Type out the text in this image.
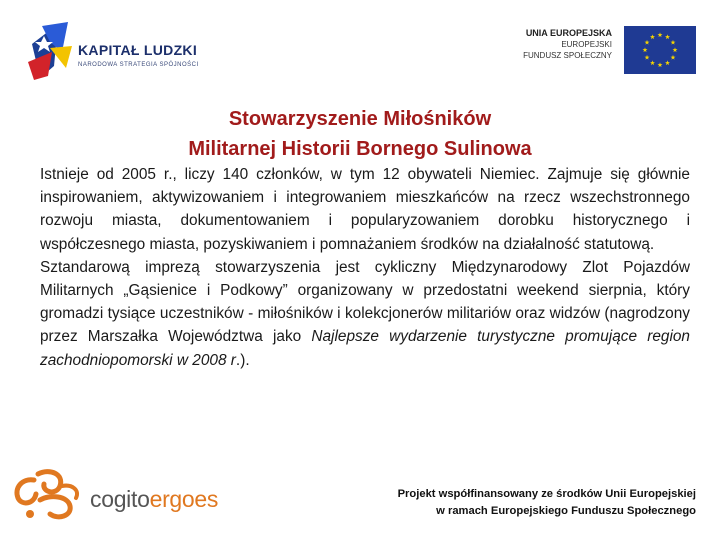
KAPITAŁ LUDZKI
NARODOWA STRATEGIA SPÓJNOŚCI
UNIA EUROPEJSKA
EUROPEJSKI
FUNDUSZ SPOŁECZNY
Stowarzyszenie Miłośników
Militarnej Historii Bornego Sulinowa

Istnieje od 2005 r., liczy 140 członków, w tym 12 obywateli Niemiec. Zajmuje się głównie inspirowaniem, aktywizowaniem i integrowaniem mieszkańców na rzecz wszechstronnego rozwoju miasta, dokumentowaniem i popularyzowaniem dorobku historycznego i współczesnego miasta, pozyskiwaniem i pomnażaniem środków na działalność statutową.

Sztandarową imprezą stowarzyszenia jest cykliczny Międzynarodowy Zlot Pojazdów Militarnych „Gąsienice i Podkowy” organizowany w przedostatni weekend sierpnia, który gromadzi tysiące uczestników - miłośników i kolekcjonerów militariów oraz widzów (nagrodzony przez Marszałka Województwa jako Najlepsze wydarzenie turystyczne promujące region zachodniopomorski w 2008 r.).

cogitoergoes	Projekt współfinansowany ze środków Unii Europejskiej
w ramach Europejskiego Funduszu Społecznego
